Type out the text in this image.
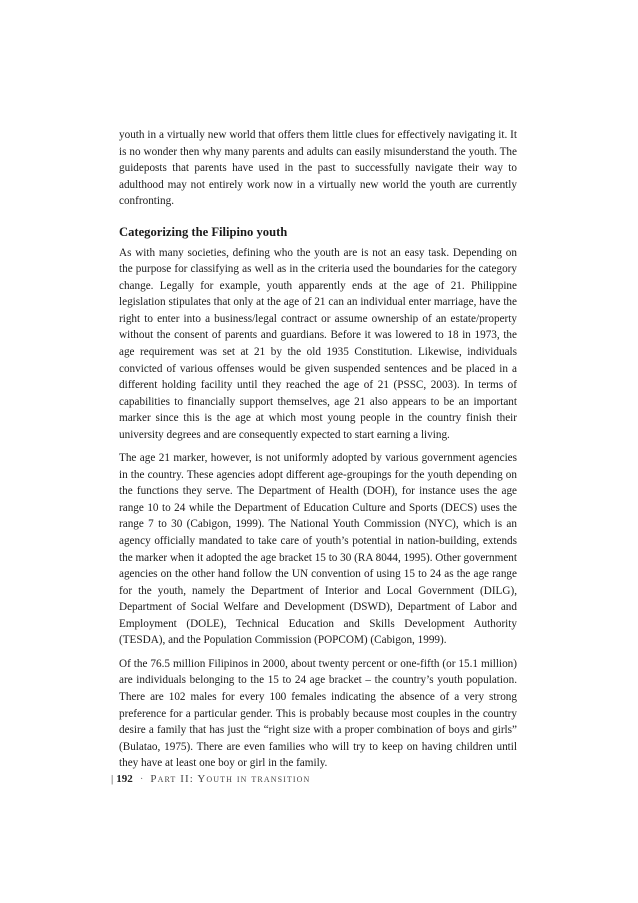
youth in a virtually new world that offers them little clues for effectively navigating it. It is no wonder then why many parents and adults can easily misunderstand the youth. The guideposts that parents have used in the past to successfully navigate their way to adulthood may not entirely work now in a virtually new world the youth are currently confronting.

Categorizing the Filipino youth

As with many societies, defining who the youth are is not an easy task. Depending on the purpose for classifying as well as in the criteria used the boundaries for the category change. Legally for example, youth apparently ends at the age of 21. Philippine legislation stipulates that only at the age of 21 can an individual enter marriage, have the right to enter into a business/legal contract or assume ownership of an estate/property without the consent of parents and guardians. Before it was lowered to 18 in 1973, the age requirement was set at 21 by the old 1935 Constitution. Likewise, individuals convicted of various offenses would be given suspended sentences and be placed in a different holding facility until they reached the age of 21 (PSSC, 2003). In terms of capabilities to financially support themselves, age 21 also appears to be an important marker since this is the age at which most young people in the country finish their university degrees and are consequently expected to start earning a living.

The age 21 marker, however, is not uniformly adopted by various government agencies in the country. These agencies adopt different age-groupings for the youth depending on the functions they serve. The Department of Health (DOH), for instance uses the age range 10 to 24 while the Department of Education Culture and Sports (DECS) uses the range 7 to 30 (Cabigon, 1999). The National Youth Commission (NYC), which is an agency officially mandated to take care of youth’s potential in nation-building, extends the marker when it adopted the age bracket 15 to 30 (RA 8044, 1995). Other government agencies on the other hand follow the UN convention of using 15 to 24 as the age range for the youth, namely the Department of Interior and Local Government (DILG), Department of Social Welfare and Development (DSWD), Department of Labor and Employment (DOLE), Technical Education and Skills Development Authority (TESDA), and the Population Commission (POPCOM) (Cabigon, 1999).

Of the 76.5 million Filipinos in 2000, about twenty percent or one-fifth (or 15.1 million) are individuals belonging to the 15 to 24 age bracket – the country’s youth population. There are 102 males for every 100 females indicating the absence of a very strong preference for a particular gender. This is probably because most couples in the country desire a family that has just the “right size with a proper combination of boys and girls” (Bulatao, 1975). There are even families who will try to keep on having children until they have at least one boy or girl in the family.

| 192 · Part II: Youth in transition
